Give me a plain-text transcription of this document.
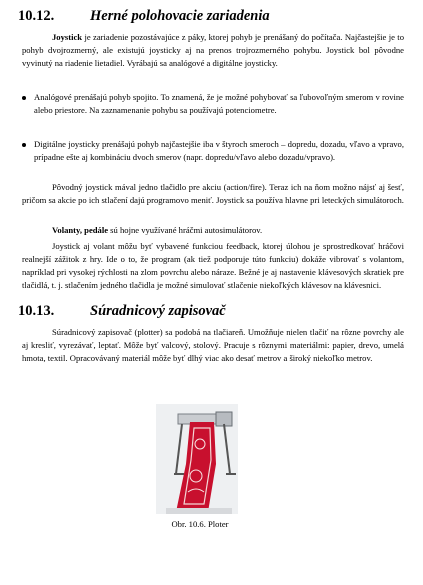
10.12. Herné polohovacie zariadenia
Joystick je zariadenie pozostávajúce z páky, ktorej pohyb je prenášaný do počítača. Najčastejšie je to pohyb dvojrozmerný, ale existujú joysticky aj na prenos trojrozmerného pohybu. Joystick bol pôvodne vyvinutý na riadenie lietadiel. Vyrábajú sa analógové a digitálne joysticky.
Analógové prenášajú pohyb spojito. To znamená, že je možné pohybovať sa ľubovoľným smerom v rovine alebo priestore. Na zaznamenanie pohybu sa používajú potenciometre.
Digitálne joysticky prenášajú pohyb najčastejšie iba v štyroch smeroch – dopredu, dozadu, vľavo a vpravo, prípadne ešte aj kombináciu dvoch smerov (napr. dopredu/vľavo alebo dozadu/vpravo).
Pôvodný joystick mával jedno tlačidlo pre akciu (action/fire). Teraz ich na ňom možno nájsť aj šesť, pričom sa akcie po ich stlačení dajú programovo meniť. Joystick sa používa hlavne pri leteckých simulátoroch.
Volanty, pedále sú hojne využívané hráčmi autosimulátorov.
Joystick aj volant môžu byť vybavené funkciou feedback, ktorej úlohou je sprostredkovať hráčovi realnejší zážitok z hry. Ide o to, že program (ak tiež podporuje túto funkciu) dokáže vibrovať s volantom, napríklad pri vysokej rýchlosti na zlom povrchu alebo náraze. Bežné je aj nastavenie klávesových skratiek pre tlačidlá, t. j. stlačením jedného tlačidla je možné simulovať stlačenie niekoľkých klávesov na klávesnici.
10.13. Súradnicový zapisovač
Súradnicový zapisovač (plotter) sa podobá na tlačiareň. Umožňuje nielen tlačiť na rôzne povrchy ale aj kresliť, vyrezávať, leptať. Môže byť valcový, stolový. Pracuje s rôznymi materiálmi: papier, drevo, umelá hmota, textil. Opracovávaný materiál môže byť dlhý viac ako desať metrov a široký niekoľko metrov.
Obr. 10.6. Ploter
